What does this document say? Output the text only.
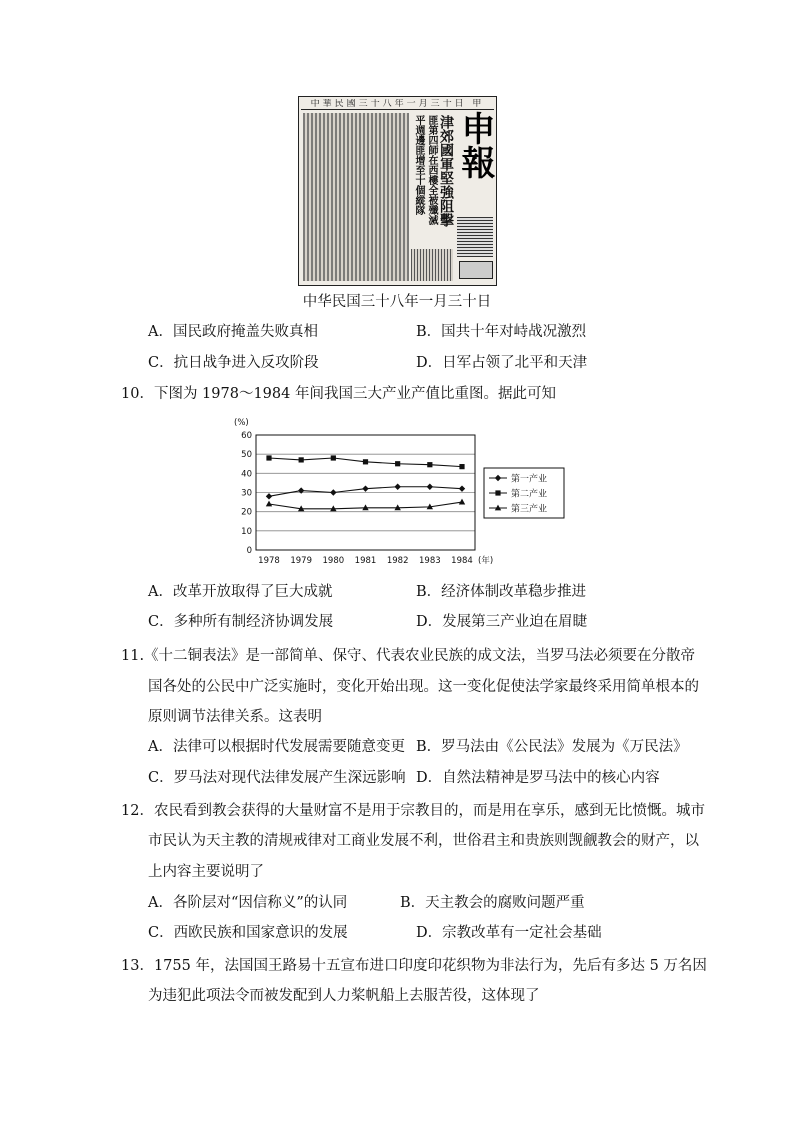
中華民國三十八年一月三十日 甲
津郊國軍堅強阻擊
匪第四師在西樓全被殲滅
平週邊匪增至十個縱隊 申報
中华民国三十八年一月三十日
A．国民政府掩盖失败真相	B．国共十年对峙战况激烈
C．抗日战争进入反攻阶段	D．日军占领了北平和天津
10．下图为 1978～1984 年间我国三大产业产值比重图。据此可知
(%)
0
10
20
30
40
50
60
1978 1979 1980 1981 1982 1983 1984 (年)
第一产业
第二产业
第三产业
A．改革开放取得了巨大成就	B．经济体制改革稳步推进
C．多种所有制经济协调发展	D．发展第三产业迫在眉睫
11.《十二铜表法》是一部简单、保守、代表农业民族的成文法，当罗马法必须要在分散帝
国各处的公民中广泛实施时，变化开始出现。这一变化促使法学家最终采用简单根本的
原则调节法律关系。这表明
A．法律可以根据时代发展需要随意变更 B．罗马法由《公民法》发展为《万民法》
C．罗马法对现代法律发展产生深远影响 D．自然法精神是罗马法中的核心内容
12．农民看到教会获得的大量财富不是用于宗教目的，而是用在享乐，感到无比愤慨。城市
市民认为天主教的清规戒律对工商业发展不利，世俗君主和贵族则觊觎教会的财产，以
上内容主要说明了
A．各阶层对“因信称义”的认同	B．天主教会的腐败问题严重
C．西欧民族和国家意识的发展	D．宗教改革有一定社会基础
13．1755 年，法国国王路易十五宣布进口印度印花织物为非法行为，先后有多达 5 万名因
为违犯此项法令而被发配到人力桨帆船上去服苦役，这体现了
